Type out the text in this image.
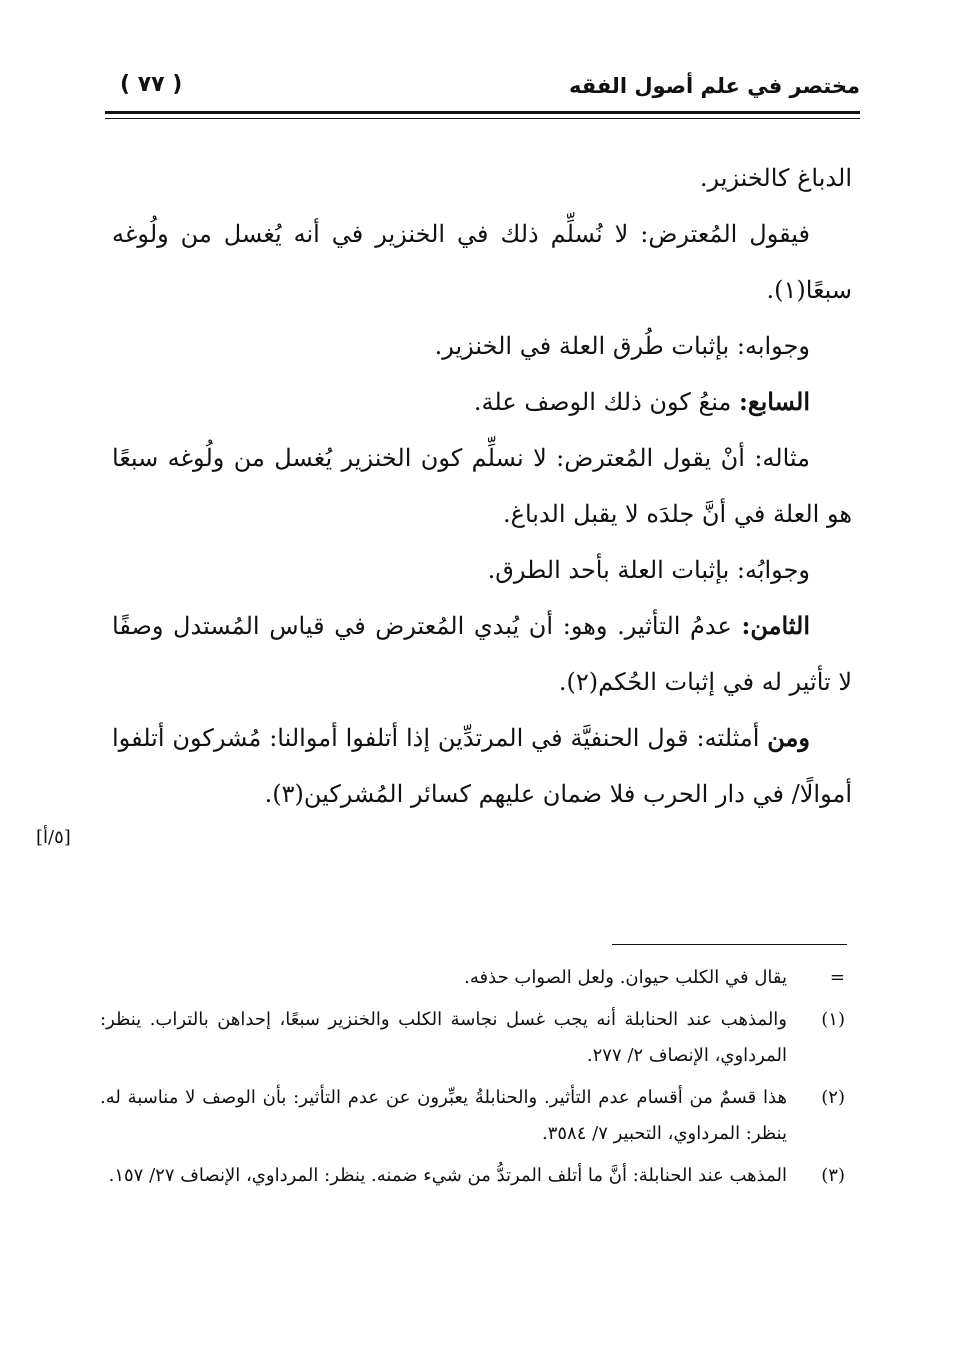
مختصر في علم أصول الفقه
( ٧٧ )

الدباغ كالخنزير.

فيقول المُعترض: لا نُسلِّم ذلك في الخنزير في أنه يُغسل من ولُوغه سبعًا(١).

وجوابه: بإثبات طُرق العلة في الخنزير.

السابع: منعُ كون ذلك الوصف علة.

مثاله: أنْ يقول المُعترض: لا نسلِّم كون الخنزير يُغسل من ولُوغه سبعًا هو العلة في أنَّ جلدَه لا يقبل الدباغ.

وجوابُه: بإثبات العلة بأحد الطرق.

الثامن: عدمُ التأثير. وهو: أن يُبدي المُعترض في قياس المُستدل وصفًا لا تأثير له في إثبات الحُكم(٢).

ومن أمثلته: قول الحنفيَّة في المرتدِّين إذا أتلفوا أموالنا: مُشركون أتلفوا أموالًا/ في دار الحرب فلا ضمان عليهم كسائر المُشركين(٣).

[٥/أ]
=
يقال في الكلب حيوان. ولعل الصواب حذفه.
(١)
والمذهب عند الحنابلة أنه يجب غسل نجاسة الكلب والخنزير سبعًا، إحداهن بالتراب. ينظر: المرداوي، الإنصاف ٢/ ٢٧٧.
(٢)
هذا قسمٌ من أقسام عدم التأثير. والحنابلةُ يعبِّرون عن عدم التأثير: بأن الوصف لا مناسبة له. ينظر: المرداوي، التحبير ٧/ ٣٥٨٤.
(٣)
المذهب عند الحنابلة: أنَّ ما أتلف المرتدُّ من شيء ضمنه. ينظر: المرداوي، الإنصاف ٢٧/ ١٥٧.
